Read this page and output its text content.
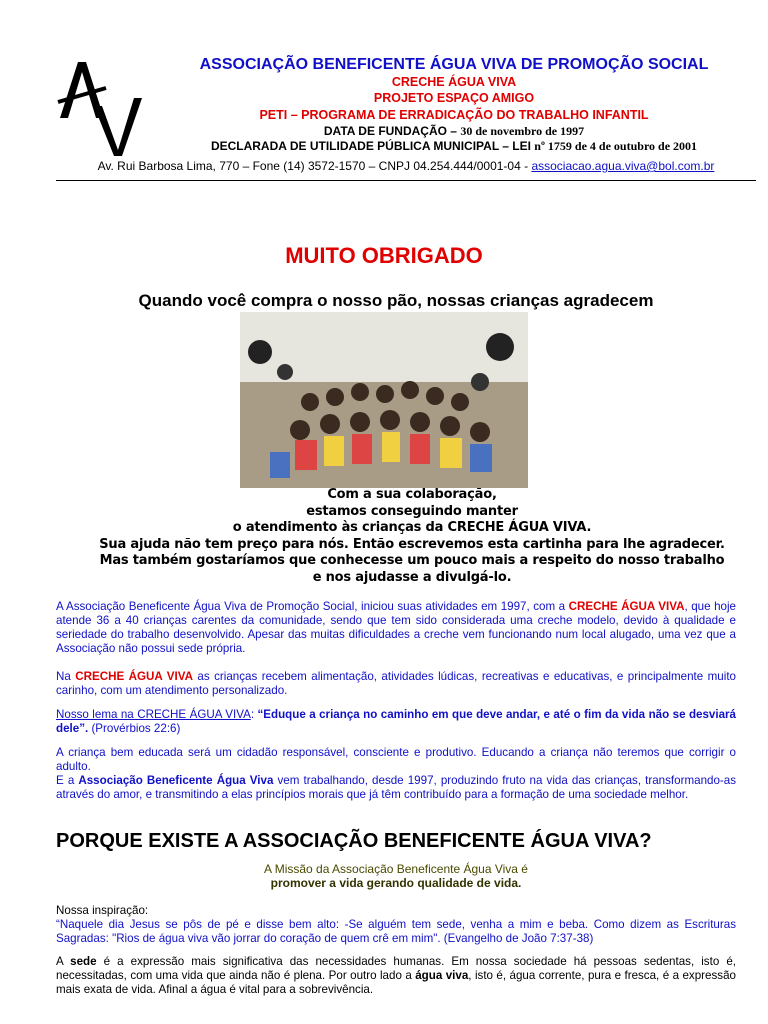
ASSOCIAÇÃO BENEFICENTE ÁGUA VIVA DE PROMOÇÃO SOCIAL
CRECHE ÁGUA VIVA
PROJETO ESPAÇO AMIGO
PETI – PROGRAMA DE ERRADICAÇÃO DO TRABALHO INFANTIL
DATA DE FUNDAÇÃO – 30 de novembro de 1997
DECLARADA DE UTILIDADE PÚBLICA MUNICIPAL – LEI nº 1759 de 4 de outubro de 2001
Av. Rui Barbosa Lima, 770 – Fone (14) 3572-1570 – CNPJ 04.254.444/0001-04 - associacao.agua.viva@bol.com.br
MUITO OBRIGADO
Quando você compra o nosso pão, nossas crianças agradecem
Com a sua colaboração,
estamos conseguindo manter
o atendimento às crianças da CRECHE ÁGUA VIVA.
Sua ajuda não tem preço para nós. Então escrevemos esta cartinha para lhe agradecer.
Mas também gostaríamos que conhecesse um pouco mais a respeito do nosso trabalho
e nos ajudasse a divulgá-lo.
A Associação Beneficente Água Viva de Promoção Social, iniciou suas atividades em 1997, com a CRECHE ÁGUA VIVA, que hoje atende 36 a 40 crianças carentes da comunidade, sendo que tem sido considerada uma creche modelo, devido à qualidade e seriedade do trabalho desenvolvido. Apesar das muitas dificuldades a creche vem funcionando num local alugado, uma vez que a Associação não possui sede própria.
Na CRECHE ÁGUA VIVA as crianças recebem alimentação, atividades lúdicas, recreativas e educativas, e principalmente muito carinho, com um atendimento personalizado.
Nosso lema na CRECHE ÁGUA VIVA: “Eduque a criança no caminho em que deve andar, e até o fim da vida não se desviará dele”. (Provérbios 22:6)
A criança bem educada será um cidadão responsável, consciente e produtivo. Educando a criança não teremos que corrigir o adulto.
E a Associação Beneficente Água Viva vem trabalhando, desde 1997, produzindo fruto na vida das crianças, transformando-as através do amor, e transmitindo a elas princípios morais que já têm contribuído para a formação de uma sociedade melhor.
PORQUE EXISTE A ASSOCIAÇÃO BENEFICENTE ÁGUA VIVA?
A Missão da Associação Beneficente Água Viva é
promover a vida gerando qualidade de vida.
Nossa inspiração:
“Naquele dia Jesus se pôs de pé e disse bem alto: -Se alguém tem sede, venha a mim e beba. Como dizem as Escrituras Sagradas: "Rios de água viva vão jorrar do coração de quem crê em mim". (Evangelho de João 7:37-38)
A sede é a expressão mais significativa das necessidades humanas. Em nossa sociedade há pessoas sedentas, isto é, necessitadas, com uma vida que ainda não é plena. Por outro lado a água viva, isto é, água corrente, pura e fresca, é a expressão mais exata de vida. Afinal a água é vital para a sobrevivência.
